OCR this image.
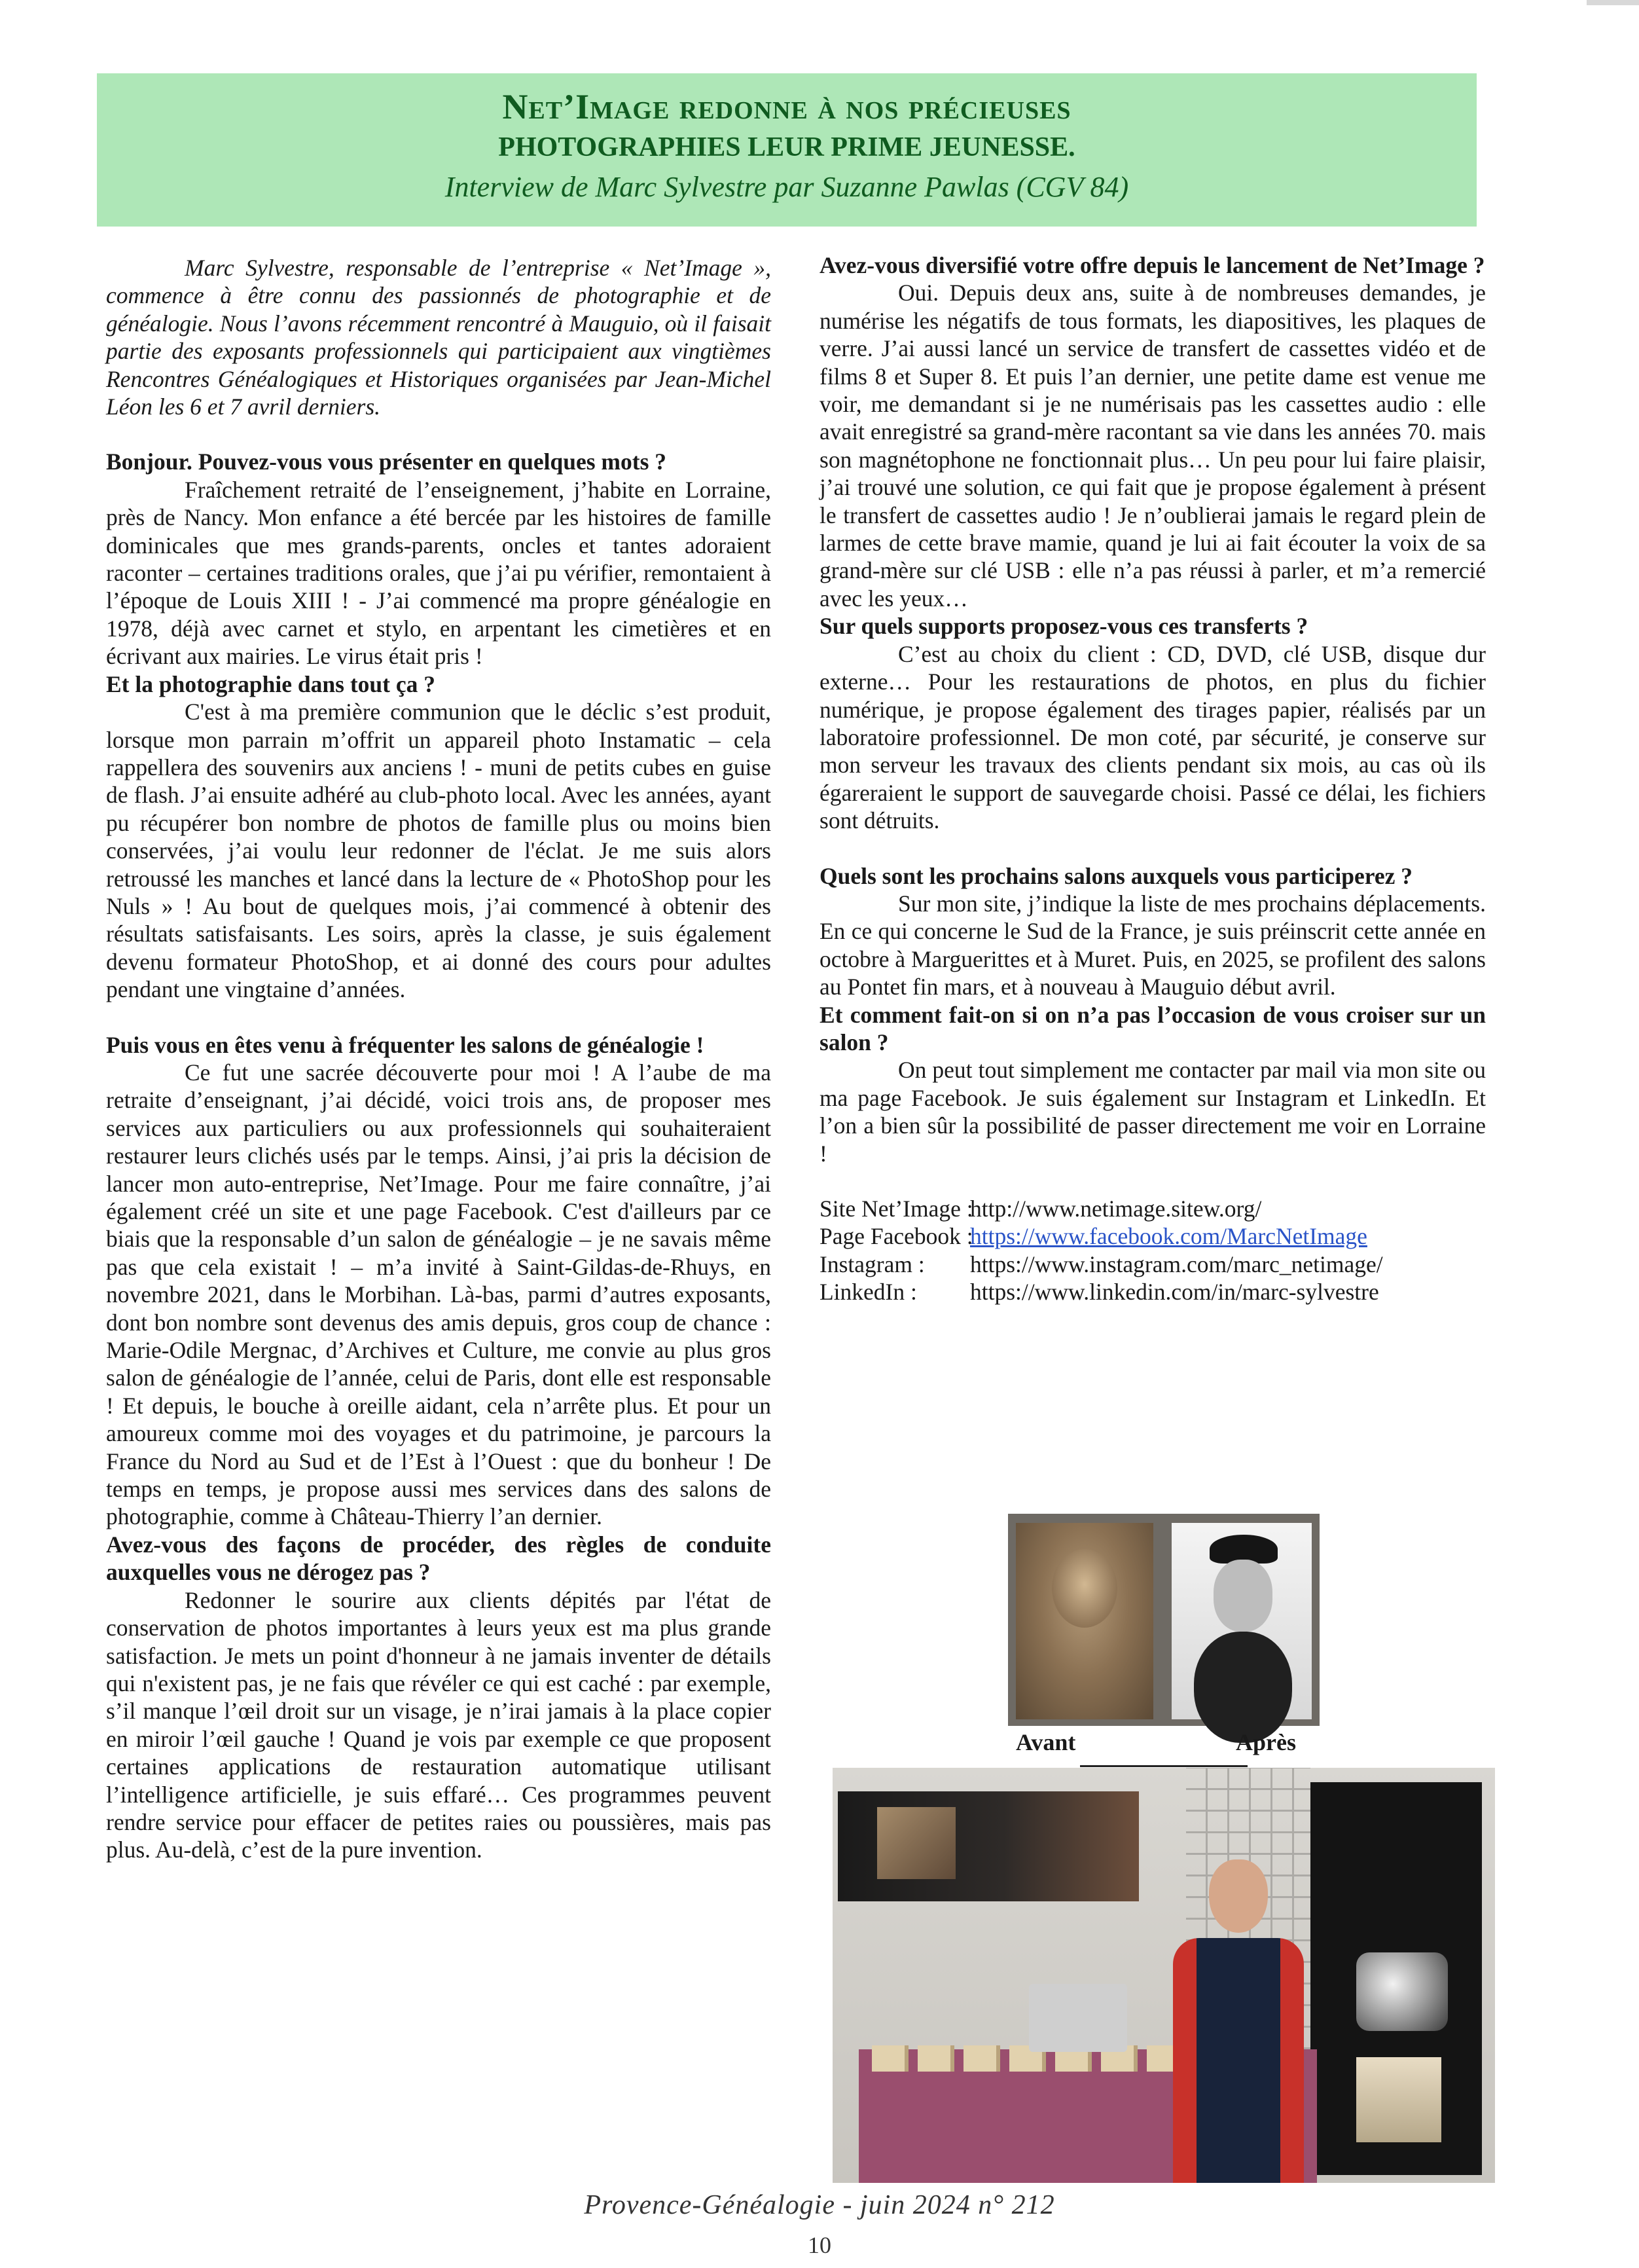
Net’Image redonne à nos précieuses
PHOTOGRAPHIES LEUR PRIME JEUNESSE.
Interview de Marc Sylvestre par Suzanne Pawlas (CGV 84)

Marc Sylvestre, responsable de l’entreprise « Net’Image », commence à être connu des passionnés de photographie et de généalogie. Nous l’avons récemment rencontré à Mauguio, où il faisait partie des exposants professionnels qui participaient aux vingtièmes Rencontres Généalogiques et Historiques organisées par Jean-Michel Léon les 6 et 7 avril derniers.

Bonjour. Pouvez-vous vous présenter en quelques mots ?

Fraîchement retraité de l’enseignement, j’habite en Lorraine, près de Nancy. Mon enfance a été bercée par les histoires de famille dominicales que mes grands-parents, oncles et tantes adoraient raconter – certaines traditions orales, que j’ai pu vérifier, remontaient à l’époque de Louis XIII ! - J’ai commencé ma propre généalogie en 1978, déjà avec carnet et stylo, en arpentant les cimetières et en écrivant aux mairies. Le virus était pris !

Et la photographie dans tout ça ?

C'est à ma première communion que le déclic s’est produit, lorsque mon parrain m’offrit un appareil photo Instamatic – cela rappellera des souvenirs aux anciens ! - muni de petits cubes en guise de flash. J’ai ensuite adhéré au club-photo local. Avec les années, ayant pu récupérer bon nombre de photos de famille plus ou moins bien conservées, j’ai voulu leur redonner de l'éclat. Je me suis alors retroussé les manches et lancé dans la lecture de « PhotoShop pour les Nuls » ! Au bout de quelques mois, j’ai commencé à obtenir des résultats satisfaisants. Les soirs, après la classe, je suis également devenu formateur PhotoShop, et ai donné des cours pour adultes pendant une vingtaine d’années.

Puis vous en êtes venu à fréquenter les salons de généalogie !

Ce fut une sacrée découverte pour moi ! A l’aube de ma retraite d’enseignant, j’ai décidé, voici trois ans, de proposer mes services aux particuliers ou aux professionnels qui souhaiteraient restaurer leurs clichés usés par le temps. Ainsi, j’ai pris la décision de lancer mon auto-entreprise, Net’Image. Pour me faire connaître, j’ai également créé un site et une page Facebook. C'est d'ailleurs par ce biais que la responsable d’un salon de généalogie – je ne savais même pas que cela existait ! – m’a invité à Saint-Gildas-de-Rhuys, en novembre 2021, dans le Morbihan. Là-bas, parmi d’autres exposants, dont bon nombre sont devenus des amis depuis, gros coup de chance : Marie-Odile Mergnac, d’Archives et Culture, me convie au plus gros salon de généalogie de l’année, celui de Paris, dont elle est responsable ! Et depuis, le bouche à oreille aidant, cela n’arrête plus. Et pour un amoureux comme moi des voyages et du patrimoine, je parcours la France du Nord au Sud et de l’Est à l’Ouest : que du bonheur ! De temps en temps, je propose aussi mes services dans des salons de photographie, comme à Château-Thierry l’an dernier.

Avez-vous des façons de procéder, des règles de conduite auxquelles vous ne dérogez pas ?

Redonner le sourire aux clients dépités par l'état de conservation de photos importantes à leurs yeux est ma plus grande satisfaction. Je mets un point d'honneur à ne jamais inventer de détails qui n'existent pas, je ne fais que révéler ce qui est caché : par exemple, s’il manque l’œil droit sur un visage, je n’irai jamais à la place copier en miroir l’œil gauche ! Quand je vois par exemple ce que proposent certaines applications de restauration automatique utilisant l’intelligence artificielle, je suis effaré… Ces programmes peuvent rendre service pour effacer de petites raies ou poussières, mais pas plus. Au-delà, c’est de la pure invention.

Avez-vous diversifié votre offre depuis le lancement de Net’Image ?

Oui. Depuis deux ans, suite à de nombreuses demandes, je numérise les négatifs de tous formats, les diapositives, les plaques de verre. J’ai aussi lancé un service de transfert de cassettes vidéo et de films 8 et Super 8. Et puis l’an dernier, une petite dame est venue me voir, me demandant si je ne numérisais pas les cassettes audio : elle avait enregistré sa grand-mère racontant sa vie dans les années 70. mais son magnétophone ne fonctionnait plus… Un peu pour lui faire plaisir, j’ai trouvé une solution, ce qui fait que je propose également à présent le transfert de cassettes audio ! Je n’oublierai jamais le regard plein de larmes de cette brave mamie, quand je lui ai fait écouter la voix de sa grand-mère sur clé USB : elle n’a pas réussi à parler, et m’a remercié avec les yeux…

Sur quels supports proposez-vous ces transferts ?

C’est au choix du client : CD, DVD, clé USB, disque dur externe… Pour les restaurations de photos, en plus du fichier numérique, je propose également des tirages papier, réalisés par un laboratoire professionnel. De mon coté, par sécurité, je conserve sur mon serveur les travaux des clients pendant six mois, au cas où ils égareraient le support de sauvegarde choisi. Passé ce délai, les fichiers sont détruits.

Quels sont les prochains salons auxquels vous participerez ?

Sur mon site, j’indique la liste de mes prochains déplacements. En ce qui concerne le Sud de la France, je suis préinscrit cette année en octobre à Marguerittes et à Muret. Puis, en 2025, se profilent des salons au Pontet fin mars, et à nouveau à Mauguio début avril.

Et comment fait-on si on n’a pas l’occasion de vous croiser sur un salon ?

On peut tout simplement me contacter par mail via mon site ou ma page Facebook. Je suis également sur Instagram et LinkedIn. Et l’on a bien sûr la possibilité de passer directement me voir en Lorraine !

Site Net’Image :
http://www.netimage.sitew.org/
Page Facebook :
https://www.facebook.com/MarcNetImage
Instagram :	https://www.instagram.com/marc_netimage/
LinkedIn :	https://www.linkedin.com/in/marc-sylvestre
Avant	Après
Provence-Généalogie - juin 2024 n° 212
10
